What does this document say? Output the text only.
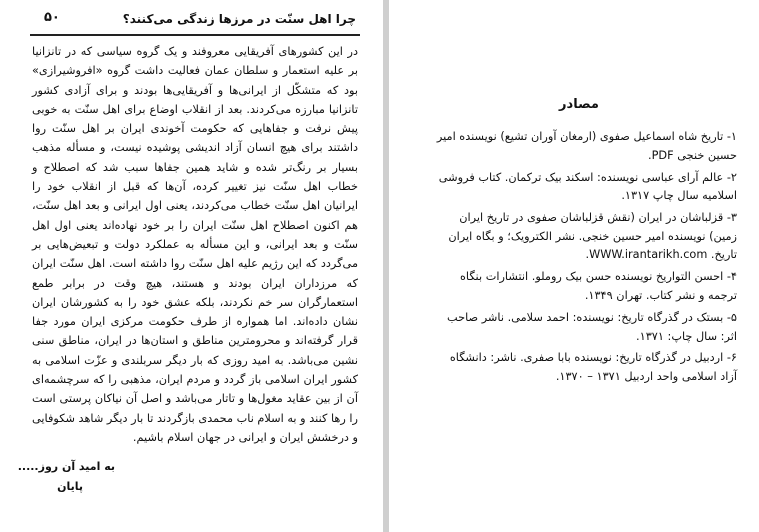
۵۰	چرا اهل سنّت در مرزها زندگی می‌کنند؟

در این کشورهای آفریقایی معروفند و یک گروه سیاسی که در تانزانیا بر علیه استعمار و سلطان عمان فعالیت داشت گروه «افروشیرازی» بود که متشکّل از ایرانی‌ها و آفریقایی‌ها بودند و برای آزادی کشور تانزانیا مبارزه می‌کردند. بعد از انقلاب اوضاع برای اهل سنّت به خوبی پیش نرفت و جفاهایی که حکومت آخوندی ایران بر اهل سنّت روا داشتند برای هیچ انسان آزاد اندیشی پوشیده نیست، و مسأله مذهب بسیار بر رنگ‌تر شده و شاید همین جفاها سبب شد که اصطلاح و خطاب اهل سنّت نیز تغییر کرده، آن‌ها که قبل از انقلاب خود را ایرانیان اهل سنّت خطاب می‌کردند، یعنی اول ایرانی و بعد اهل سنّت، هم اکنون اصطلاح اهل سنّت ایران را بر خود نهاده‌اند یعنی اول اهل سنّت و بعد ایرانی، و این مسأله به عملکرد دولت و تبعیض‌هایی بر می‌گردد که این رژیم علیه اهل سنّت روا داشته است. اهل سنّت ایران که مرزداران ایران بودند و هستند، هیچ وقت در برابر طمع استعمارگران سر خم نکردند، بلکه عشق خود را به کشورشان ایران نشان داده‌اند. اما همواره از طرف حکومت مرکزی ایران مورد جفا قرار گرفته‌اند و محرومترین مناطق و استان‌ها در ایران، مناطق سنی نشین می‌باشد. به امید روزی که بار دیگر سربلندی و عزّت اسلامی به کشور ایران اسلامی باز گردد و مردم ایران، مذهبی را که سرچشمه‌ای آن از بین عقاید مغول‌ها و تاتار می‌باشد و اصل آن نیاکان پرستی است را رها کنند و به اسلام ناب محمدی بازگردند تا بار دیگر شاهد شکوفایی و درخشش ایران و ایرانی در جهان اسلام باشیم.

به امید آن روز.....
پایان
مصادر
۱- تاریخ شاه اسماعیل صفوی (ارمغان آوران تشیع) نویسنده امیر حسین خنجی PDF.
۲- عالم آرای عباسی نویسنده: اسکند بیک ترکمان. کتاب فروشی اسلامیه سال چاپ ۱۳۱۷.
۳- قزلباشان در ایران (نقش قزلباشان صفوی در تاریخ ایران زمین) نویسنده امیر حسین خنجی. نشر الکترویک؛ و بگاه ایران تاریخ. WWW.irantarikh.com.
۴- احسن التواریخ نویسنده حسن بیک روملو. انتشارات بنگاه ترجمه و نشر کتاب. تهران ۱۳۴۹.
۵- بستک در گذرگاه تاریخ: نویسنده: احمد سلامی. ناشر صاحب اثر: سال چاپ: ۱۳۷۱.
۶- اردبیل در گذرگاه تاریخ: نویسنده بابا صفری. ناشر: دانشگاه آزاد اسلامی واحد اردبیل ۱۳۷۱ – ۱۳۷۰.
